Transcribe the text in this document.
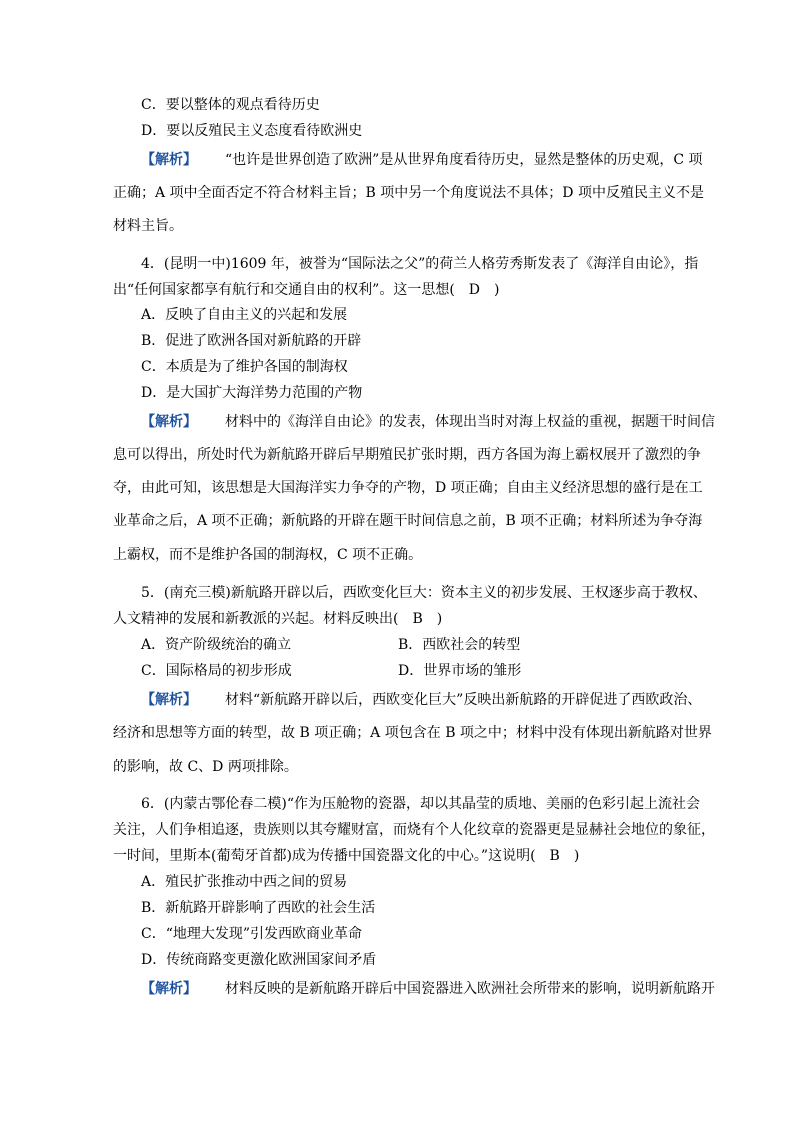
C．要以整体的观点看待历史
D．要以反殖民主义态度看待欧洲史
【解析】 “也许是世界创造了欧洲”是从世界角度看待历史，显然是整体的历史观，C 项
正确；A 项中全面否定不符合材料主旨；B 项中另一个角度说法不具体；D 项中反殖民主义不是
材料主旨。
4．(昆明一中)1609 年，被誉为“国际法之父”的荷兰人格劳秀斯发表了《海洋自由论》，指
出“任何国家都享有航行和交通自由的权利”。这一思想(　D　)
A．反映了自由主义的兴起和发展
B．促进了欧洲各国对新航路的开辟
C．本质是为了维护各国的制海权
D．是大国扩大海洋势力范围的产物
【解析】 材料中的《海洋自由论》的发表，体现出当时对海上权益的重视，据题干时间信
息可以得出，所处时代为新航路开辟后早期殖民扩张时期，西方各国为海上霸权展开了激烈的争
夺，由此可知，该思想是大国海洋实力争夺的产物，D 项正确；自由主义经济思想的盛行是在工
业革命之后，A 项不正确；新航路的开辟在题干时间信息之前，B 项不正确；材料所述为争夺海
上霸权，而不是维护各国的制海权，C 项不正确。
5．(南充三模)新航路开辟以后，西欧变化巨大：资本主义的初步发展、王权逐步高于教权、
人文精神的发展和新教派的兴起。材料反映出(　B　)
A．资产阶级统治的确立	B．西欧社会的转型
C．国际格局的初步形成	D．世界市场的雏形
【解析】 材料“新航路开辟以后，西欧变化巨大”反映出新航路的开辟促进了西欧政治、
经济和思想等方面的转型，故 B 项正确；A 项包含在 B 项之中；材料中没有体现出新航路对世界
的影响，故 C、D 两项排除。
6．(内蒙古鄂伦春二模)“作为压舱物的瓷器，却以其晶莹的质地、美丽的色彩引起上流社会
关注，人们争相追逐，贵族则以其夸耀财富，而烧有个人化纹章的瓷器更是显赫社会地位的象征，
一时间，里斯本(葡萄牙首都)成为传播中国瓷器文化的中心。”这说明(　B　)
A．殖民扩张推动中西之间的贸易
B．新航路开辟影响了西欧的社会生活
C．“地理大发现”引发西欧商业革命
D．传统商路变更激化欧洲国家间矛盾
【解析】 材料反映的是新航路开辟后中国瓷器进入欧洲社会所带来的影响，说明新航路开
